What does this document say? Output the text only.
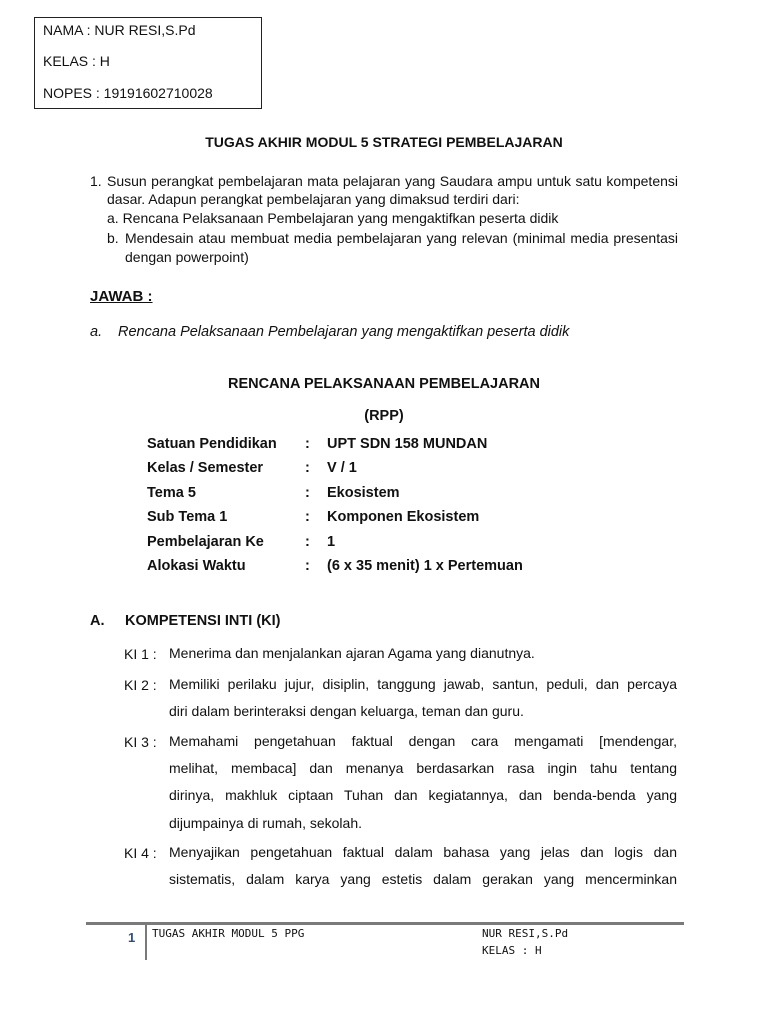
NAMA : NUR RESI,S.Pd
KELAS : H
NOPES : 19191602710028
TUGAS AKHIR MODUL 5 STRATEGI PEMBELAJARAN
1. Susun perangkat pembelajaran mata pelajaran yang Saudara ampu untuk satu kompetensi
dasar. Adapun perangkat pembelajaran yang dimaksud terdiri dari:
a. Rencana Pelaksanaan Pembelajaran yang mengaktifkan peserta didik
b. Mendesain atau membuat media pembelajaran yang relevan (minimal media presentasi
dengan powerpoint)
JAWAB :
a. Rencana Pelaksanaan Pembelajaran yang mengaktifkan peserta didik
RENCANA PELAKSANAAN PEMBELAJARAN
(RPP)
Satuan Pendidikan	:	UPT SDN 158 MUNDAN
Kelas / Semester	:	V / 1
Tema 5	:	Ekosistem
Sub Tema 1	:	Komponen Ekosistem
Pembelajaran Ke	:	1
Alokasi Waktu	:	(6 x 35 menit) 1 x Pertemuan
A. KOMPETENSI INTI (KI)
KI 1 : Menerima dan menjalankan ajaran Agama yang dianutnya.
KI 2 : Memiliki perilaku jujur, disiplin, tanggung jawab, santun, peduli, dan percaya
diri dalam berinteraksi dengan keluarga, teman dan guru.
KI 3 : Memahami pengetahuan faktual dengan cara mengamati [mendengar,
melihat, membaca] dan menanya berdasarkan rasa ingin tahu tentang
dirinya, makhluk ciptaan Tuhan dan kegiatannya, dan benda-benda yang
dijumpainya di rumah, sekolah.
KI 4 : Menyajikan pengetahuan faktual dalam bahasa yang jelas dan logis dan
sistematis, dalam karya yang estetis dalam gerakan yang mencerminkan
1 TUGAS AKHIR MODUL 5 PPG	NUR RESI,S.Pd
KELAS : H
